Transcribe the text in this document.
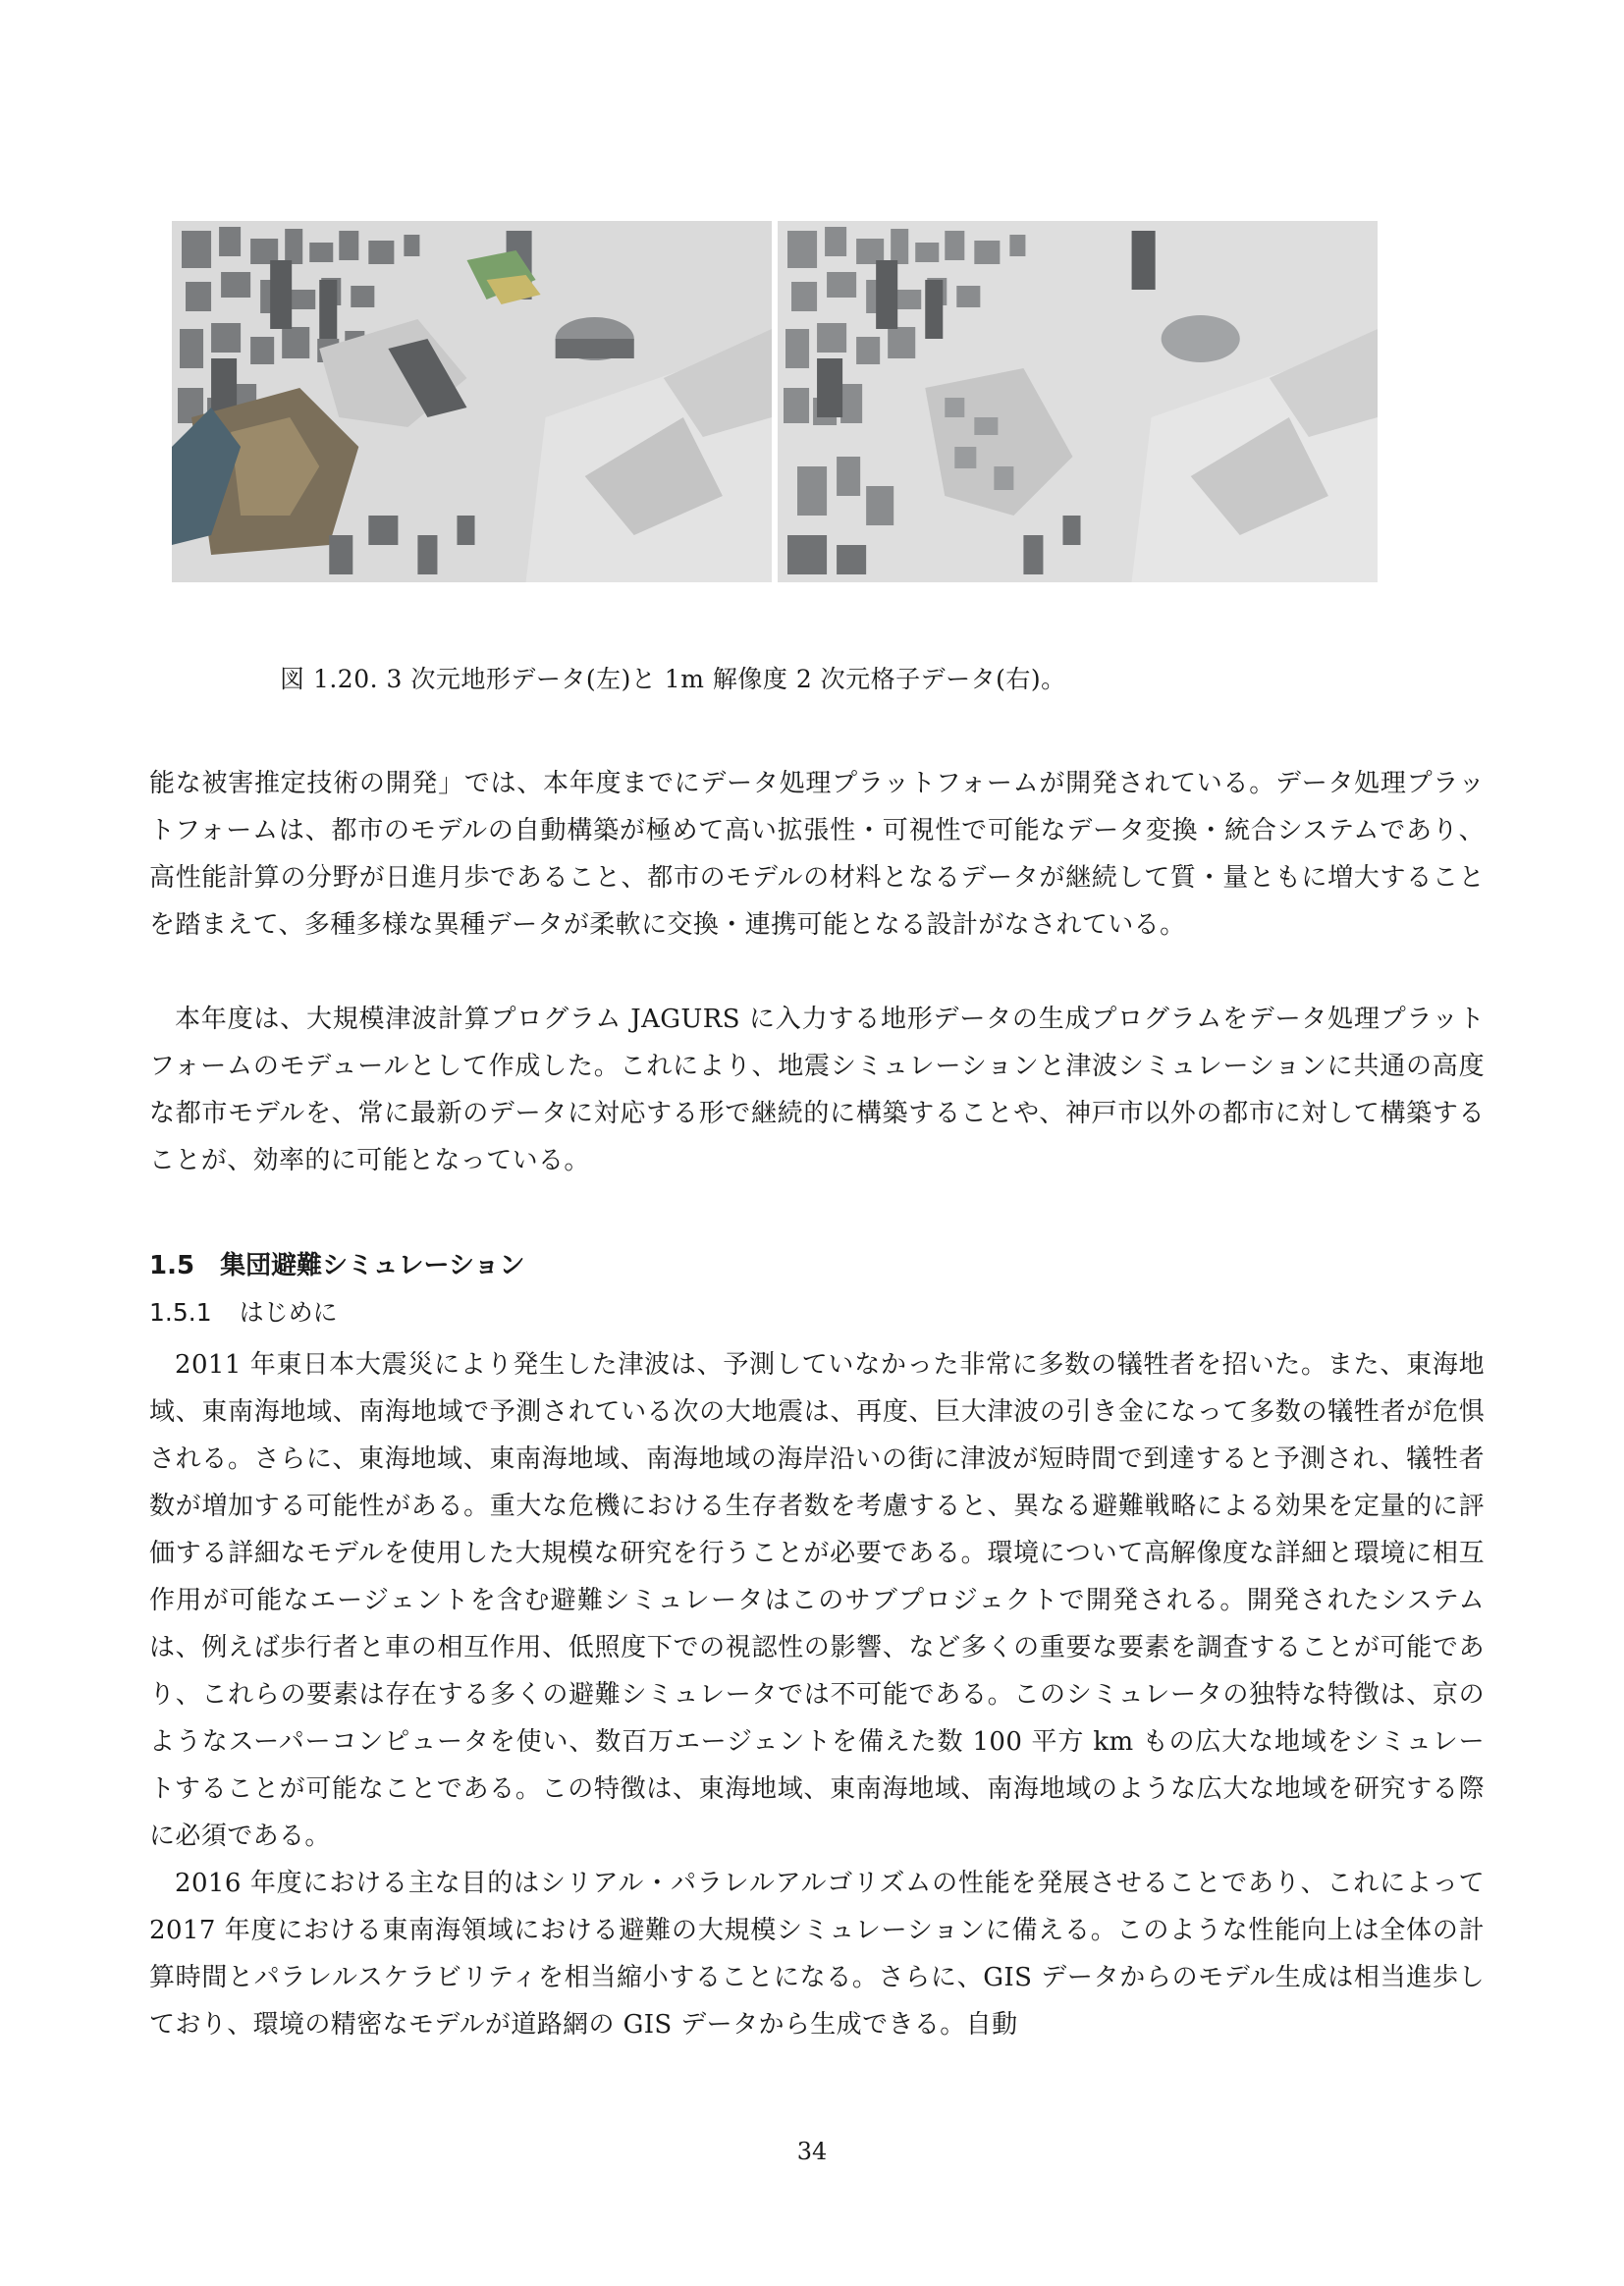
図 1.20. 3 次元地形データ(左)と 1m 解像度 2 次元格子データ(右)。

能な被害推定技術の開発」では、本年度までにデータ処理プラットフォームが開発されている。データ処理プラットフォームは、都市のモデルの自動構築が極めて高い拡張性・可視性で可能なデータ変換・統合システムであり、高性能計算の分野が日進月歩であること、都市のモデルの材料となるデータが継続して質・量ともに増大することを踏まえて、多種多様な異種データが柔軟に交換・連携可能となる設計がなされている。

本年度は、大規模津波計算プログラム JAGURS に入力する地形データの生成プログラムをデータ処理プラットフォームのモデュールとして作成した。これにより、地震シミュレーションと津波シミュレーションに共通の高度な都市モデルを、常に最新のデータに対応する形で継続的に構築することや、神戸市以外の都市に対して構築することが、効率的に可能となっている。

1.5 集団避難シミュレーション
1.5.1 はじめに

2011 年東日本大震災により発生した津波は、予測していなかった非常に多数の犠牲者を招いた。また、東海地域、東南海地域、南海地域で予測されている次の大地震は、再度、巨大津波の引き金になって多数の犠牲者が危惧される。さらに、東海地域、東南海地域、南海地域の海岸沿いの街に津波が短時間で到達すると予測され、犠牲者数が増加する可能性がある。重大な危機における生存者数を考慮すると、異なる避難戦略による効果を定量的に評価する詳細なモデルを使用した大規模な研究を行うことが必要である。環境について高解像度な詳細と環境に相互作用が可能なエージェントを含む避難シミュレータはこのサブプロジェクトで開発される。開発されたシステムは、例えば歩行者と車の相互作用、低照度下での視認性の影響、など多くの重要な要素を調査することが可能であり、これらの要素は存在する多くの避難シミュレータでは不可能である。このシミュレータの独特な特徴は、京のようなスーパーコンピュータを使い、数百万エージェントを備えた数 100 平方 km もの広大な地域をシミュレートすることが可能なことである。この特徴は、東海地域、東南海地域、南海地域のような広大な地域を研究する際に必須である。

2016 年度における主な目的はシリアル・パラレルアルゴリズムの性能を発展させることであり、これによって 2017 年度における東南海領域における避難の大規模シミュレーションに備える。このような性能向上は全体の計算時間とパラレルスケラビリティを相当縮小することになる。さらに、GIS データからのモデル生成は相当進歩しており、環境の精密なモデルが道路網の GIS データから生成できる。自動

34
